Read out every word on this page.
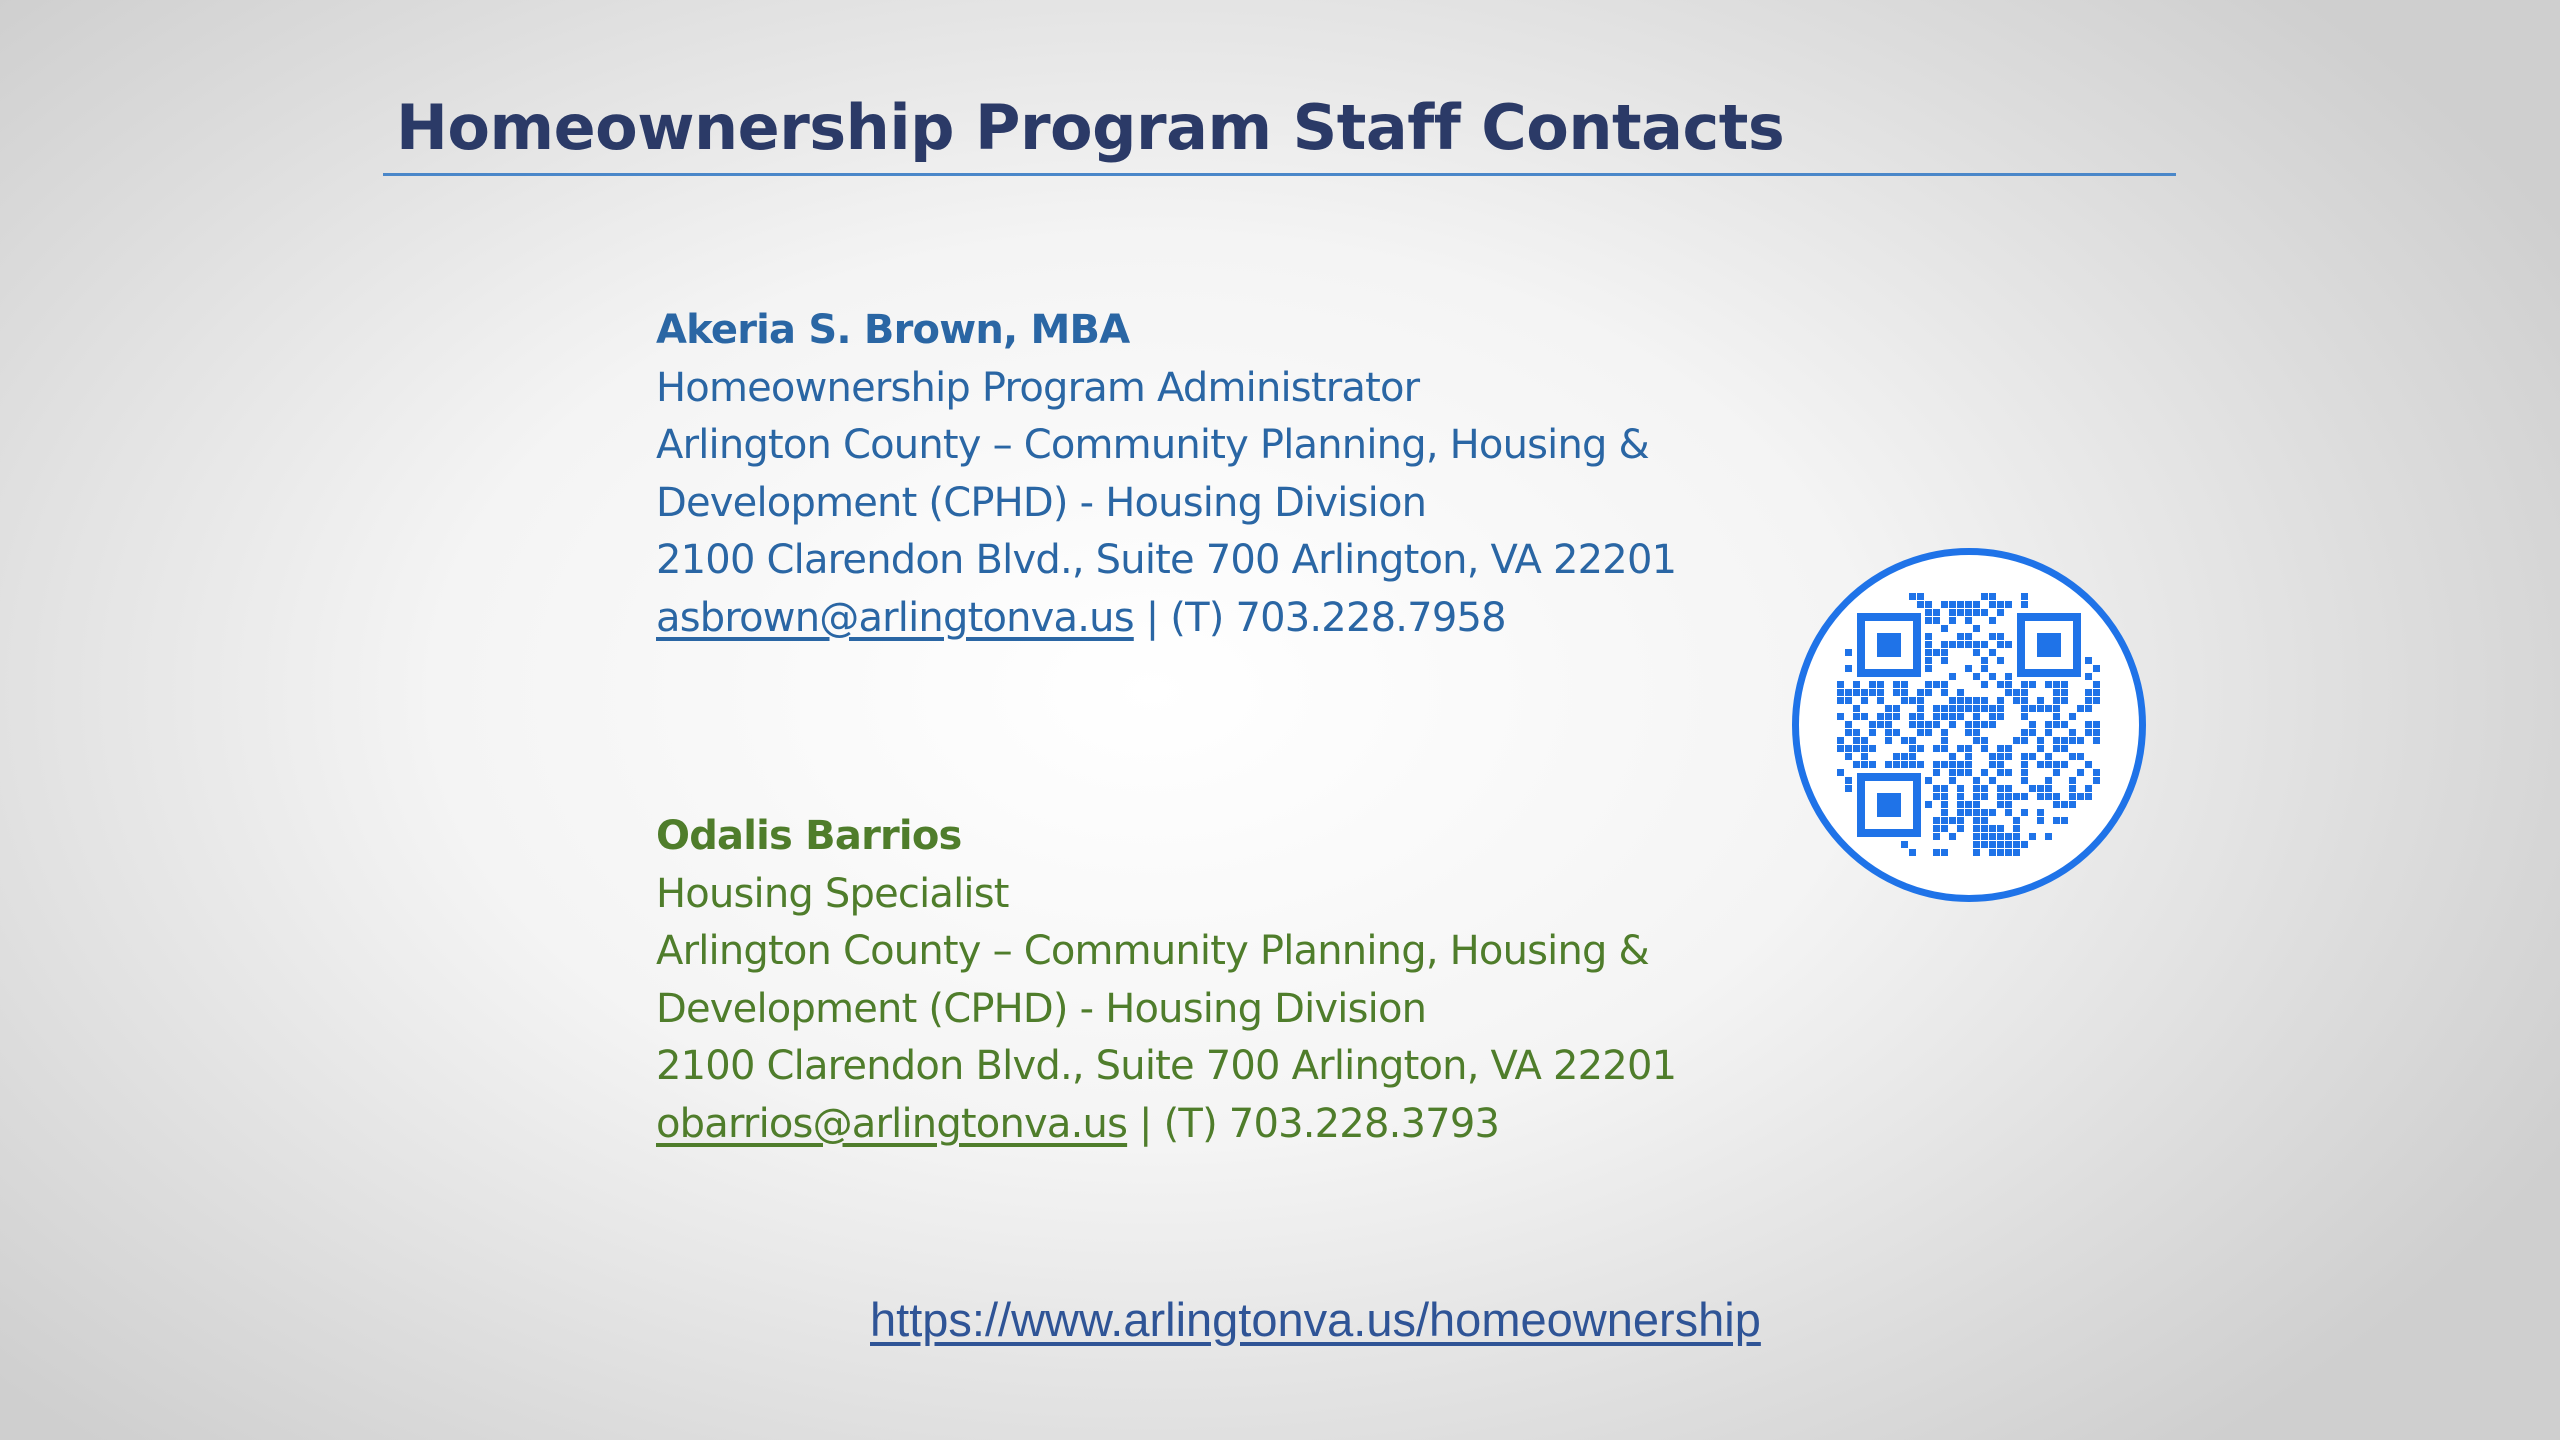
Homeownership Program Staff Contacts
Akeria S. Brown, MBA
Homeownership Program Administrator
Arlington County – Community Planning, Housing &
Development (CPHD) - Housing Division
2100 Clarendon Blvd., Suite 700 Arlington, VA 22201
asbrown@arlingtonva.us | (T) 703.228.7958
Odalis Barrios
Housing Specialist
Arlington County – Community Planning, Housing &
Development (CPHD) - Housing Division
2100 Clarendon Blvd., Suite 700 Arlington, VA 22201
obarrios@arlingtonva.us | (T) 703.228.3793
https://www.arlingtonva.us/homeownership
